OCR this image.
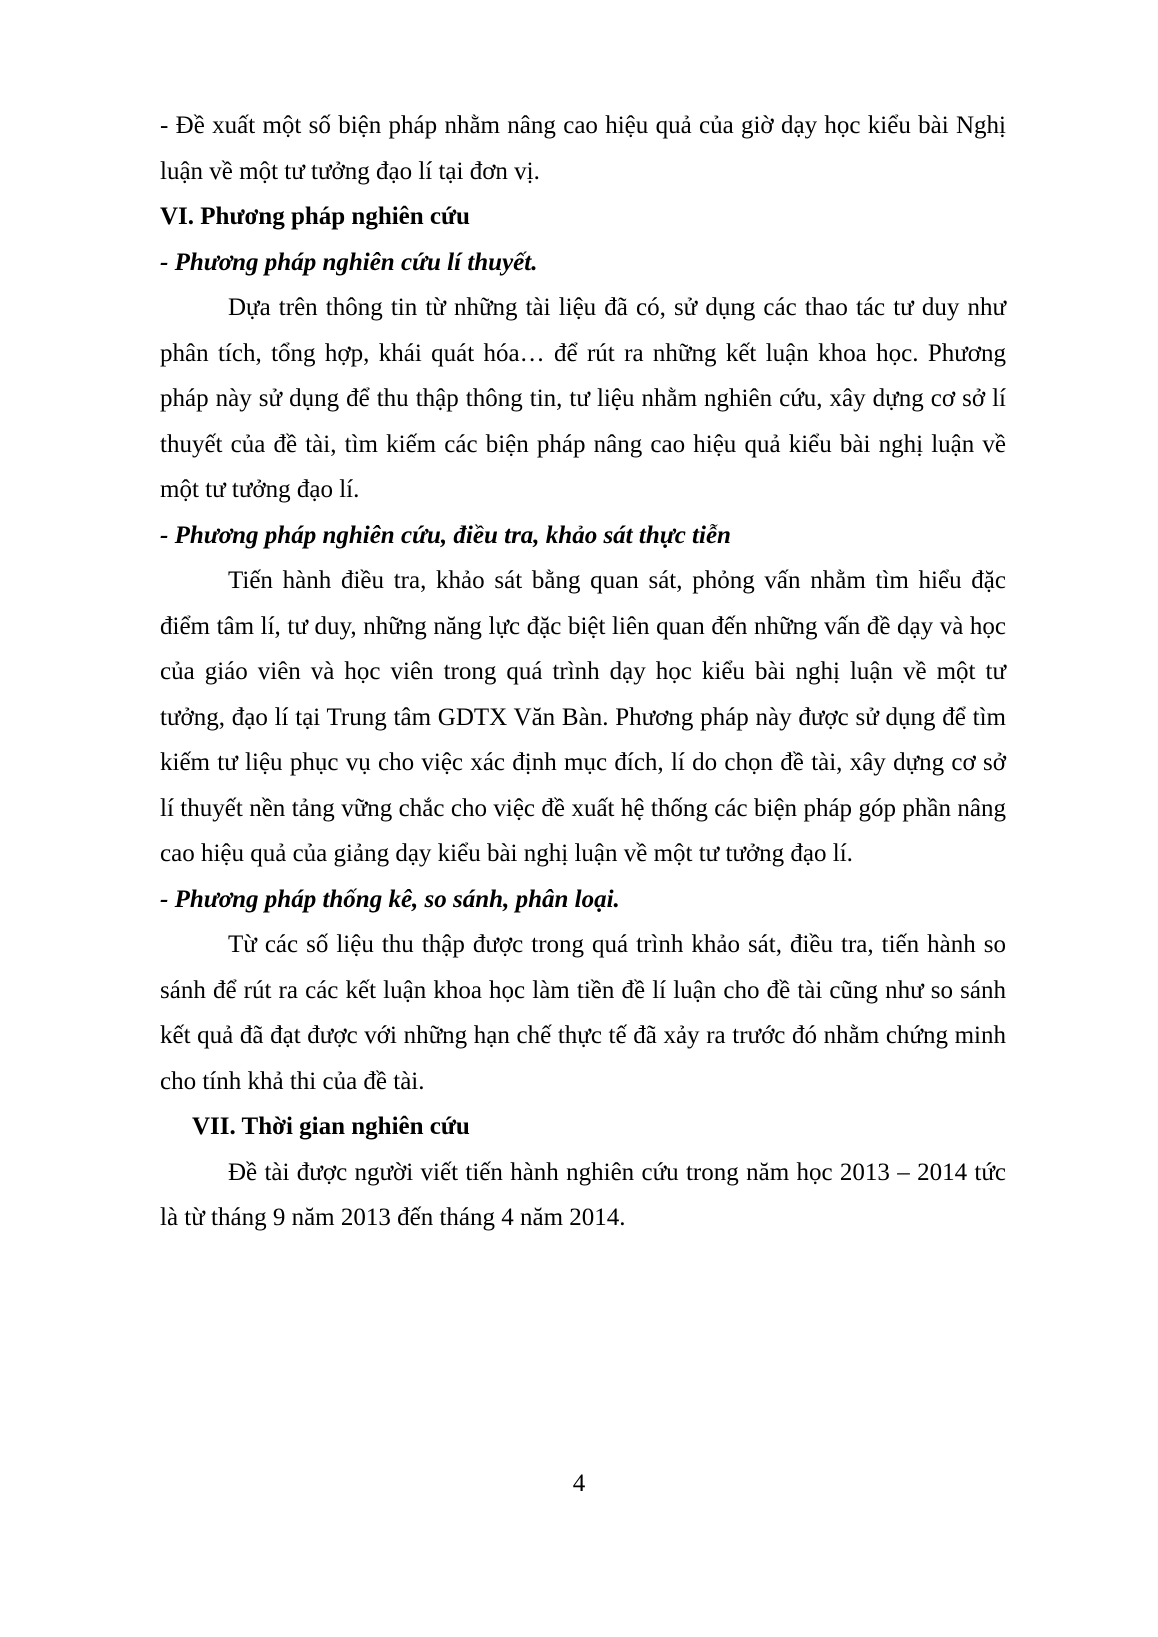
- Đề xuất một số biện pháp nhằm nâng cao hiệu quả của giờ dạy học kiểu bài Nghị luận về một tư tưởng đạo lí tại đơn vị.

VI. Phương pháp nghiên cứu

- Phương pháp nghiên cứu lí thuyết.

Dựa trên thông tin từ những tài liệu đã có, sử dụng các thao tác tư duy như phân tích, tổng hợp, khái quát hóa… để rút ra những kết luận khoa học. Phương pháp này sử dụng để thu thập thông tin, tư liệu nhằm nghiên cứu, xây dựng cơ sở lí thuyết của đề tài, tìm kiếm các biện pháp nâng cao hiệu quả kiểu bài nghị luận về một tư tưởng đạo lí.

- Phương pháp nghiên cứu, điều tra, khảo sát thực tiễn

Tiến hành điều tra, khảo sát bằng quan sát, phỏng vấn nhằm tìm hiểu đặc điểm tâm lí, tư duy, những năng lực đặc biệt liên quan đến những vấn đề dạy và học của giáo viên và học viên trong quá trình dạy học kiểu bài nghị luận về một tư tưởng, đạo lí tại Trung tâm GDTX Văn Bàn. Phương pháp này được sử dụng để tìm kiếm tư liệu phục vụ cho việc xác định mục đích, lí do chọn đề tài, xây dựng cơ sở lí thuyết nền tảng vững chắc cho việc đề xuất hệ thống các biện pháp góp phần nâng cao hiệu quả của giảng dạy kiểu bài nghị luận về một tư tưởng đạo lí.

- Phương pháp thống kê, so sánh, phân loại.

Từ các số liệu thu thập được trong quá trình khảo sát, điều tra, tiến hành so sánh để rút ra các kết luận khoa học làm tiền đề lí luận cho đề tài cũng như so sánh kết quả đã đạt được với những hạn chế thực tế đã xảy ra trước đó nhằm chứng minh cho tính khả thi của đề tài.

VII. Thời gian nghiên cứu

Đề tài được người viết tiến hành nghiên cứu trong năm học 2013 – 2014 tức là từ tháng 9 năm 2013 đến tháng 4 năm 2014.

4
